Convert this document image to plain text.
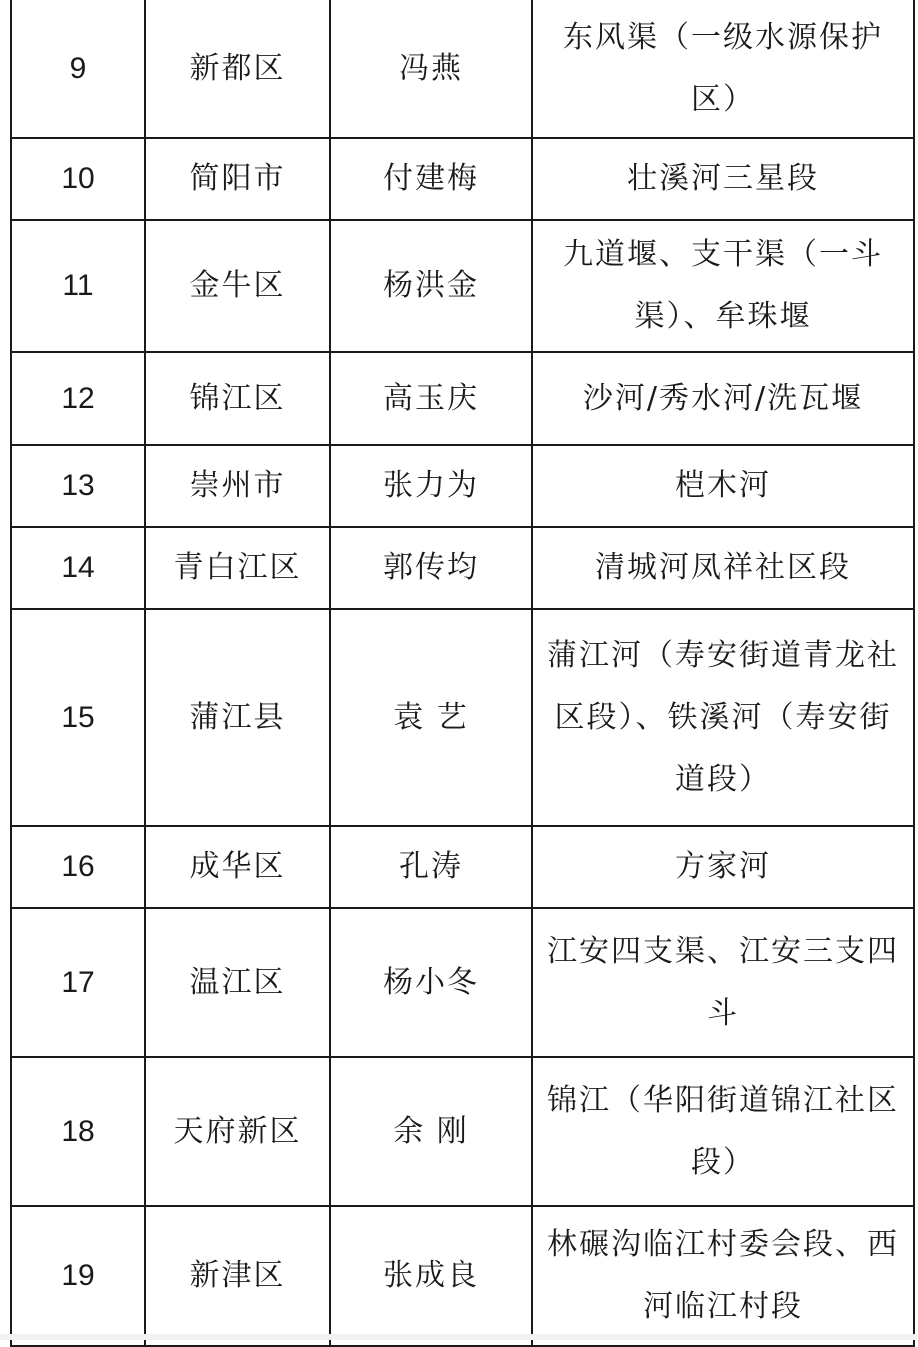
9	新都区	冯燕	东风渠（一级水源保护区）
10	简阳市	付建梅	壮溪河三星段
11	金牛区	杨洪金	九道堰、支干渠（一斗渠）、牟珠堰
12	锦江区	高玉庆	沙河/秀水河/洗瓦堰
13	崇州市	张力为	桤木河
14	青白江区	郭传均	清城河凤祥社区段
15	蒲江县	袁 艺	蒲江河（寿安街道青龙社区段）、铁溪河（寿安街道段）
16	成华区	孔涛	方家河
17	温江区	杨小冬	江安四支渠、江安三支四斗
18	天府新区	余 刚	锦江（华阳街道锦江社区段）
19	新津区	张成良	林碾沟临江村委会段、西河临江村段
